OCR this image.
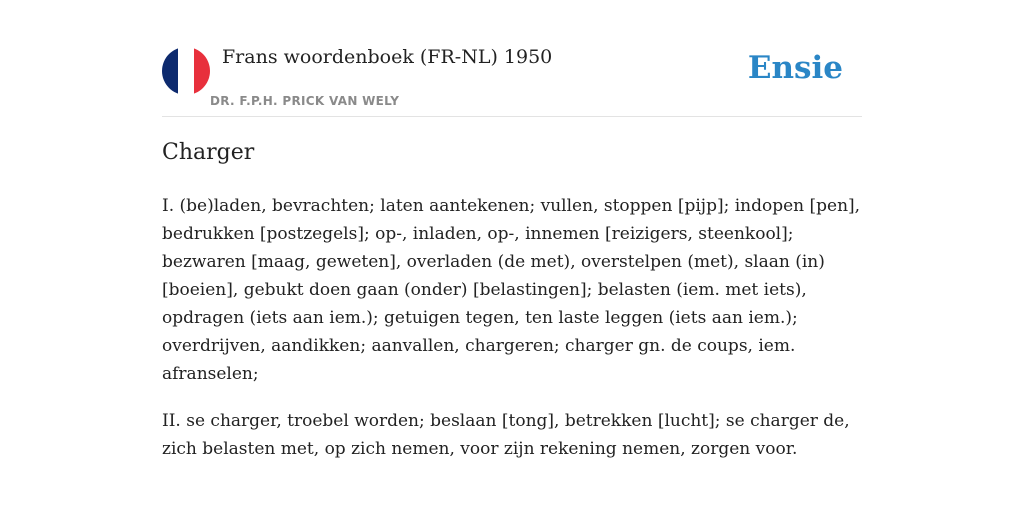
Frans woordenboek (FR-NL) 1950
DR. F.P.H. PRICK VAN WELY
Ensie
Charger

I. (be)laden, bevrachten; laten aantekenen; vullen, stoppen [pijp]; indopen [pen], bedrukken [postzegels]; op-, inladen, op-, innemen [reizigers, steenkool]; bezwaren [maag, geweten], overladen (de met), overstelpen (met), slaan (in) [boeien], gebukt doen gaan (onder) [belastingen]; belasten (iem. met iets), opdragen (iets aan iem.); getuigen tegen, ten laste leggen (iets aan iem.); overdrijven, aandikken; aanvallen, chargeren; charger gn. de coups, iem. afranselen;

II. se charger, troebel worden; beslaan [tong], betrekken [lucht]; se charger de, zich belasten met, op zich nemen, voor zijn rekening nemen, zorgen voor.
